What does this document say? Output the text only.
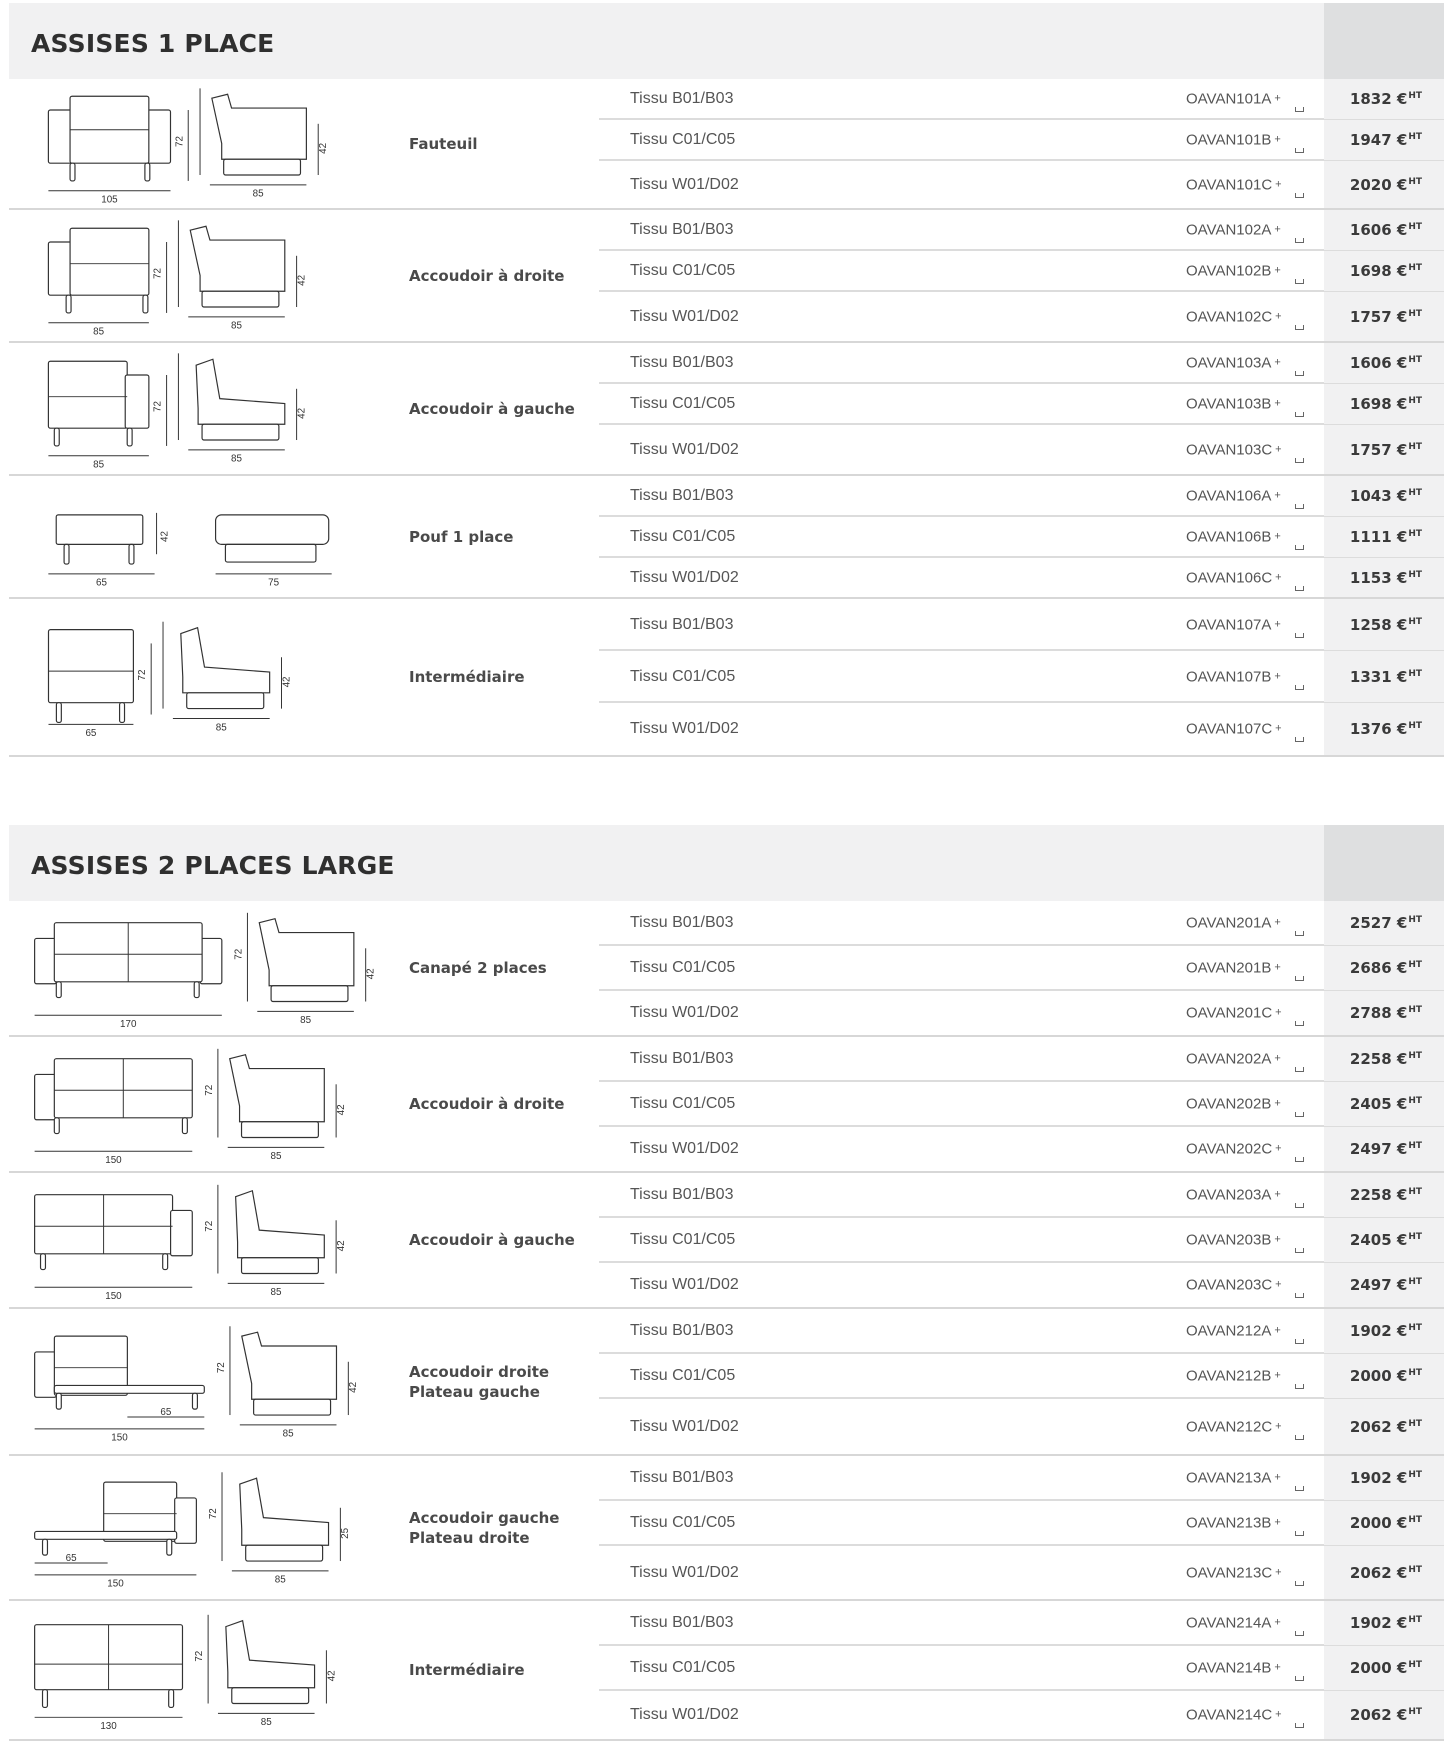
ASSISES 1 PLACE
105
72
85
42	Fauteuil
Tissu B01/B03	OAVAN101A +	1832 €$^{HT}$
Tissu C01/C05	OAVAN101B +	1947 €$^{HT}$
Tissu W01/D02	OAVAN101C +	2020 €$^{HT}$
85
72
85
42	Accoudoir à droite
Tissu B01/B03	OAVAN102A +	1606 €$^{HT}$
Tissu C01/C05	OAVAN102B +	1698 €$^{HT}$
Tissu W01/D02	OAVAN102C +	1757 €$^{HT}$
85
72
85
42	Accoudoir à gauche
Tissu B01/B03	OAVAN103A +	1606 €$^{HT}$
Tissu C01/C05	OAVAN103B +	1698 €$^{HT}$
Tissu W01/D02	OAVAN103C +	1757 €$^{HT}$
65
42
75
Pouf 1 place
Tissu B01/B03	OAVAN106A +	1043 €$^{HT}$
Tissu C01/C05	OAVAN106B +	1111 €$^{HT}$
Tissu W01/D02	OAVAN106C +	1153 €$^{HT}$
65
72
85
42	Intermédiaire
Tissu B01/B03	OAVAN107A +	1258 €$^{HT}$
Tissu C01/C05	OAVAN107B +	1331 €$^{HT}$
Tissu W01/D02	OAVAN107C +	1376 €$^{HT}$
ASSISES 2 PLACES LARGE
170	85
72
42 Canapé 2 places
Tissu B01/B03	OAVAN201A +	2527 €$^{HT}$
Tissu C01/C05	OAVAN201B +	2686 €$^{HT}$
Tissu W01/D02	OAVAN201C +	2788 €$^{HT}$
150	85
72
42	Accoudoir à droite
Tissu B01/B03	OAVAN202A +	2258 €$^{HT}$
Tissu C01/C05	OAVAN202B +	2405 €$^{HT}$
Tissu W01/D02	OAVAN202C +	2497 €$^{HT}$
150	85
72
42	Accoudoir à gauche
Tissu B01/B03	OAVAN203A +	2258 €$^{HT}$
Tissu C01/C05	OAVAN203B +	2405 €$^{HT}$
Tissu W01/D02	OAVAN203C +	2497 €$^{HT}$
65
150	85
72
42
Accoudoir droite
Plateau gauche
Tissu B01/B03	OAVAN212A +	1902 €$^{HT}$
Tissu C01/C05	OAVAN212B +	2000 €$^{HT}$
Tissu W01/D02	OAVAN212C +	2062 €$^{HT}$
65
150	85
72
25
Accoudoir gauche
Plateau droite
Tissu B01/B03	OAVAN213A +	1902 €$^{HT}$
Tissu C01/C05	OAVAN213B +	2000 €$^{HT}$
Tissu W01/D02	OAVAN213C +	2062 €$^{HT}$
130	85
72
42	Intermédiaire
Tissu B01/B03	OAVAN214A +	1902 €$^{HT}$
Tissu C01/C05	OAVAN214B +	2000 €$^{HT}$
Tissu W01/D02	OAVAN214C +	2062 €$^{HT}$
